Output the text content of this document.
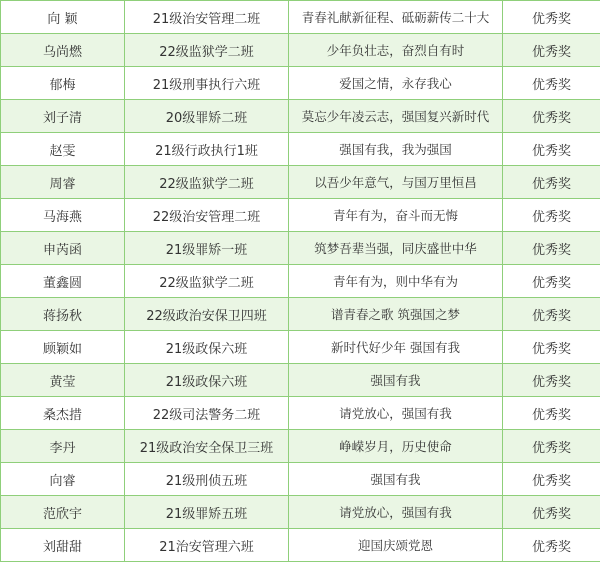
向 颖	21级治安管理二班	青春礼献新征程、砥砺薪传二十大	优秀奖
乌尚燃	22级监狱学二班	少年负壮志，奋烈自有时	优秀奖
郁梅	21级刑事执行六班	爱国之情，永存我心	优秀奖
刘子清	20级罪矫二班	莫忘少年凌云志，强国复兴新时代	优秀奖
赵雯	21级行政执行1班	强国有我，我为强国	优秀奖
周睿	22级监狱学二班	以吾少年意气，与国万里恒昌	优秀奖
马海燕	22级治安管理二班	青年有为，奋斗而无悔	优秀奖
申芮函	21级罪矫一班	筑梦吾辈当强，同庆盛世中华	优秀奖
董鑫圆	22级监狱学二班	青年有为，则中华有为	优秀奖
蒋扬秋	22级政治安保卫四班	谱青春之歌 筑强国之梦	优秀奖
顾颖如	21级政保六班	新时代好少年 强国有我	优秀奖
黄莹	21级政保六班	强国有我	优秀奖
桑杰措	22级司法警务二班	请党放心，强国有我	优秀奖
李丹	21级政治安全保卫三班	峥嵘岁月，历史使命	优秀奖
向睿	21级刑侦五班	强国有我	优秀奖
范欣宇	21级罪矫五班	请党放心，强国有我	优秀奖
刘甜甜	21治安管理六班	迎国庆颂党恩	优秀奖
